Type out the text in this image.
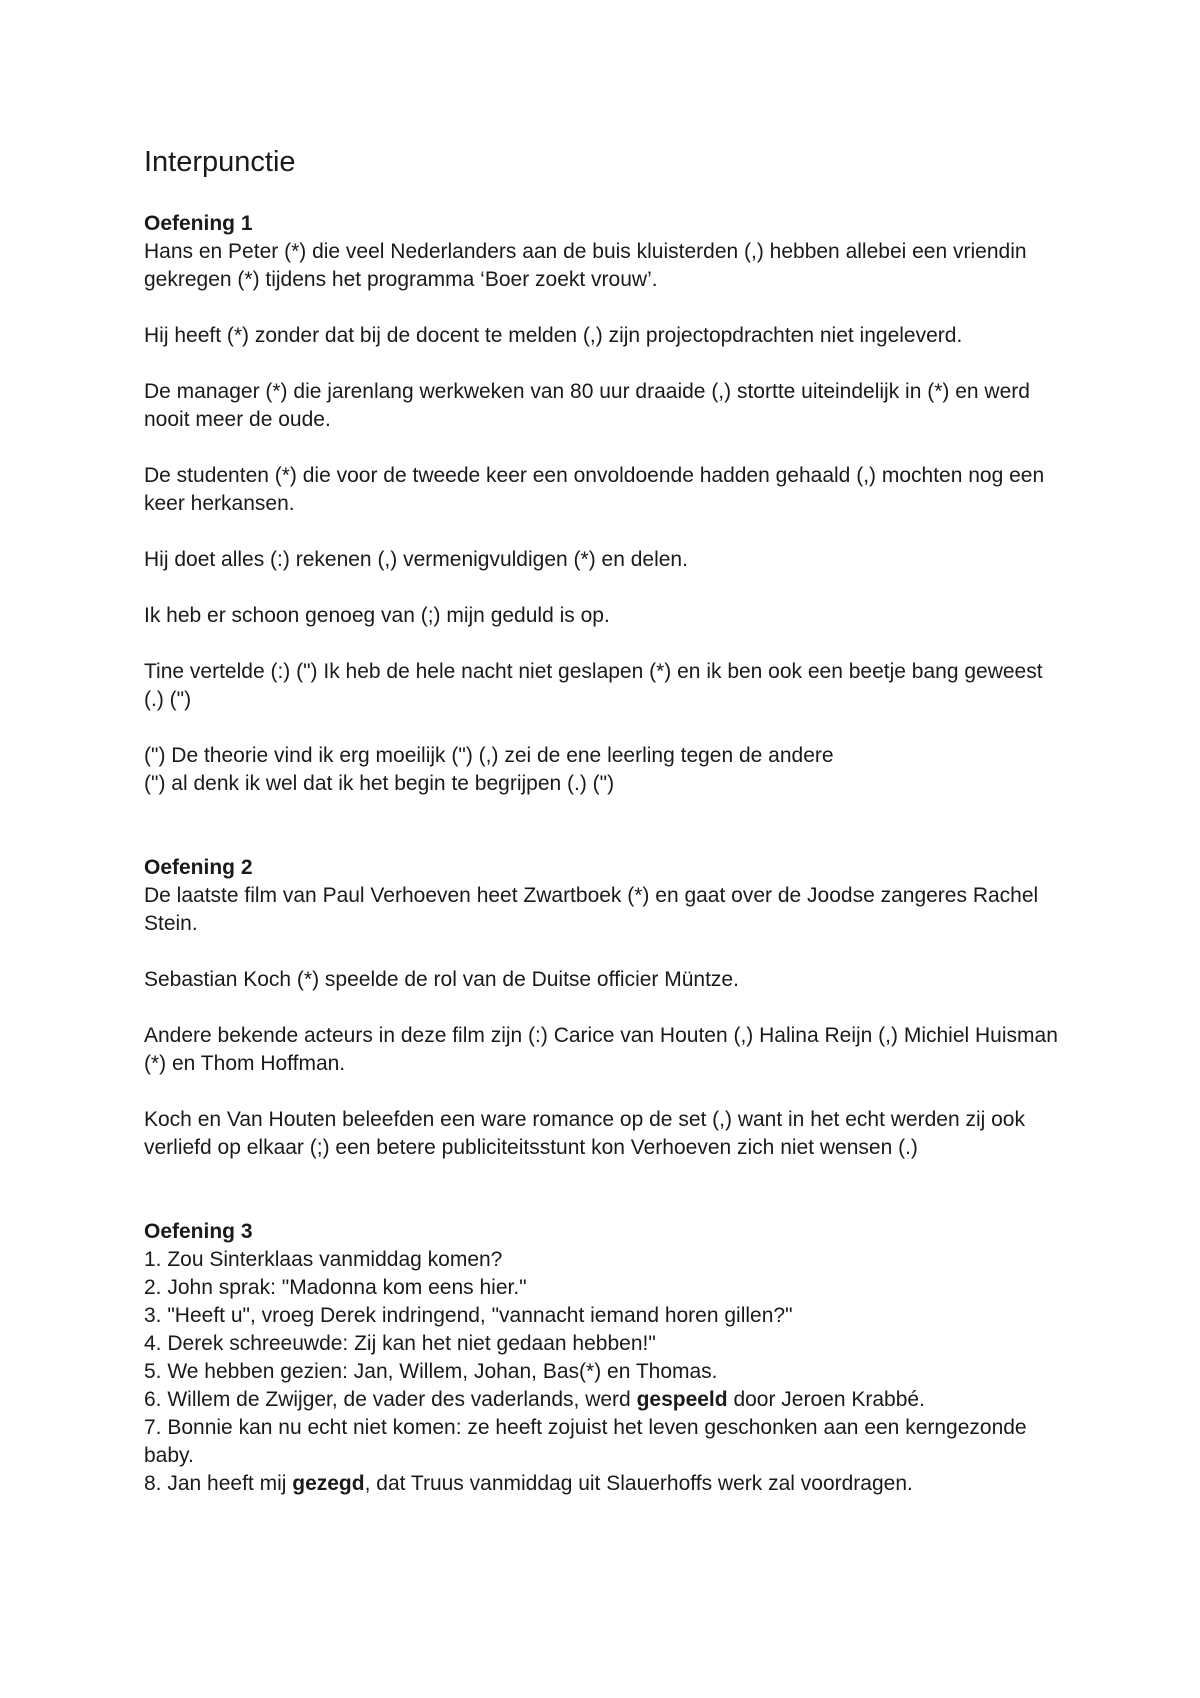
Interpunctie

Oefening 1

Hans en Peter (*) die veel Nederlanders aan de buis kluisterden (,) hebben allebei een vriendin gekregen (*) tijdens het programma ‘Boer zoekt vrouw’.

Hij heeft (*) zonder dat bij de docent te melden (,) zijn projectopdrachten niet ingeleverd.

De manager (*) die jarenlang werkweken van 80 uur draaide (,) stortte uiteindelijk in (*) en werd nooit meer de oude.

De studenten (*) die voor de tweede keer een onvoldoende hadden gehaald (,) mochten nog een keer herkansen.

Hij doet alles (:) rekenen (,) vermenigvuldigen (*) en delen.

Ik heb er schoon genoeg van (;) mijn geduld is op.

Tine vertelde (:) (") Ik heb de hele nacht niet geslapen (*) en ik ben ook een beetje bang geweest (.) (")

(") De theorie vind ik erg moeilijk (") (,) zei de ene leerling tegen de andere
(") al denk ik wel dat ik het begin te begrijpen (.) (")

Oefening 2

De laatste film van Paul Verhoeven heet Zwartboek (*) en gaat over de Joodse zangeres Rachel Stein.

Sebastian Koch (*) speelde de rol van de Duitse officier Müntze.

Andere bekende acteurs in deze film zijn (:) Carice van Houten (,) Halina Reijn (,) Michiel Huisman (*) en Thom Hoffman.

Koch en Van Houten beleefden een ware romance op de set (,) want in het echt werden zij ook verliefd op elkaar (;) een betere publiciteitsstunt kon Verhoeven zich niet wensen (.)

Oefening 3

1. Zou Sinterklaas vanmiddag komen?
2. John sprak: "Madonna kom eens hier."
3. "Heeft u", vroeg Derek indringend, "vannacht iemand horen gillen?"
4. Derek schreeuwde: Zij kan het niet gedaan hebben!"
5. We hebben gezien: Jan, Willem, Johan, Bas(*) en Thomas.
6. Willem de Zwijger, de vader des vaderlands, werd gespeeld door Jeroen Krabbé.
7. Bonnie kan nu echt niet komen: ze heeft zojuist het leven geschonken aan een kerngezonde baby.
8. Jan heeft mij gezegd, dat Truus vanmiddag uit Slauerhoffs werk zal voordragen.
